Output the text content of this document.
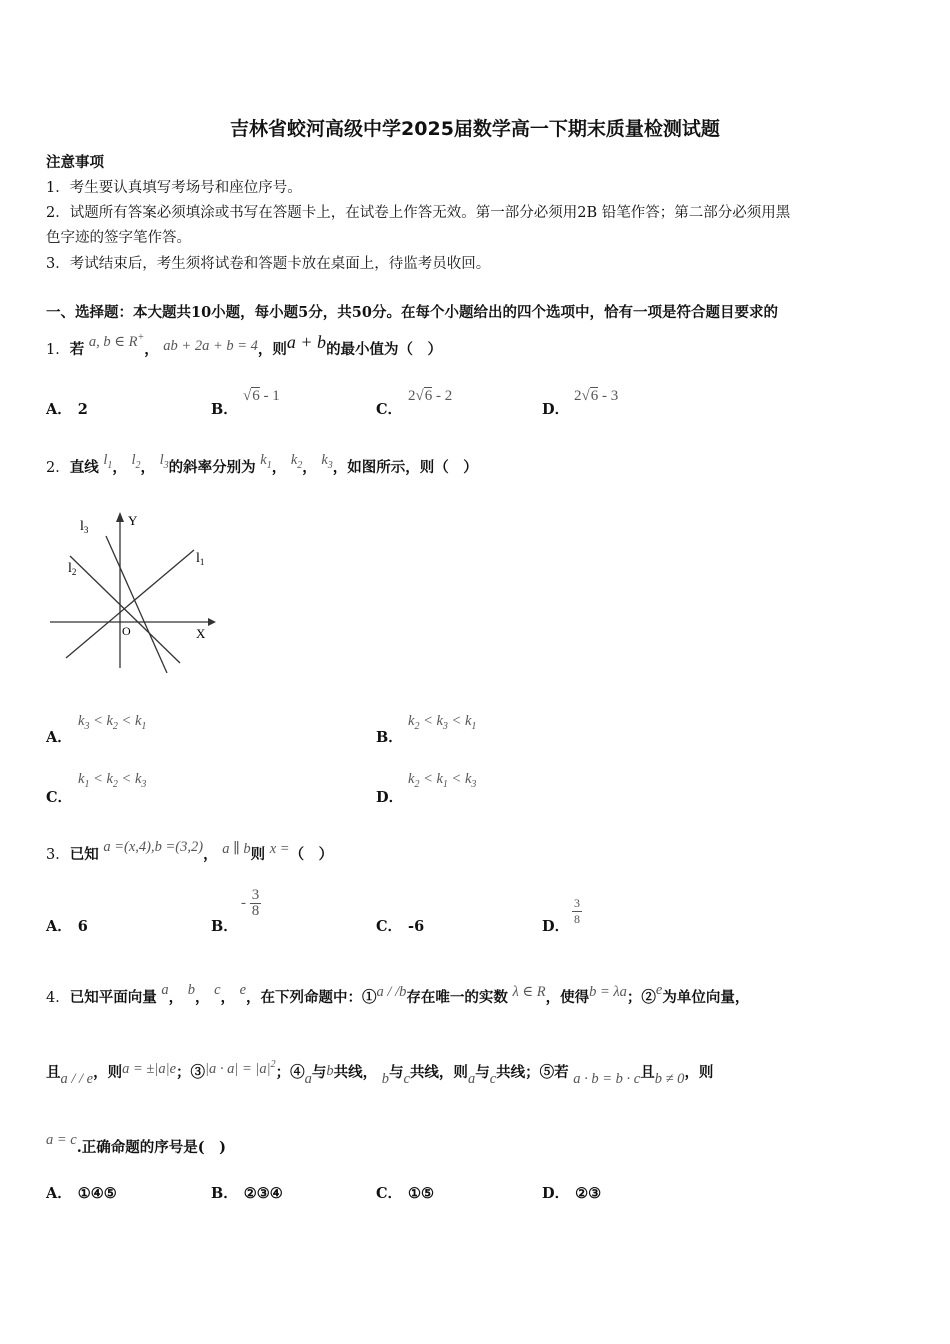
吉林省蛟河高级中学2025届数学高一下期末质量检测试题
注意事项
1．考生要认真填写考场号和座位序号。
2．试题所有答案必须填涂或书写在答题卡上，在试卷上作答无效。第一部分必须用2B 铅笔作答；第二部分必须用黑
色字迹的签字笔作答。
3．考试结束后，考生须将试卷和答题卡放在桌面上，待监考员收回。
一、选择题：本大题共10小题，每小题5分，共50分。在每个小题给出的四个选项中，恰有一项是符合题目要求的
1．若 a, b ∈ R+， ab + 2a + b = 4，则a + b的最小值为（　）
A． 2	B．
√6 - 1
C．
2√6 - 2
D．
2√6 - 3
2．直线 $l_1$， $l_2$， $l_3$的斜率分别为 $k_1$， $k_2$， $k_3$，如图所示，则（　）
Y
X
O
$l_1$
$l_2$
$l_3$
A．
$k_3 < k_2 < k_1$
B．
$k_2 < k_3 < k_1$
C．
$k_1 < k_2 < k_3$
D．
$k_2 < k_1 < k_3$
3．已知 a =(x,4),b =(3,2)， a ∥ b则 x =（　）
A． 6	B．
- $\frac{3}{8}$
C． -6	D． $\frac{3}{8}$
4．已知平面向量 a， b， c， e，在下列命题中：①a / /b存在唯一的实数 λ ∈ R，使得b = λa；②e为单位向量，
且a / / e，则a = ±|a|e；③|a · $a| = |a|^2$；④a与b共线， b与c共线，则a与c共线；⑤若 a · b = b · c且b ≠ 0，则
a = c.正确命题的序号是(　)
A． ①④⑤	B． ②③④	C． ①⑤	D． ②③
